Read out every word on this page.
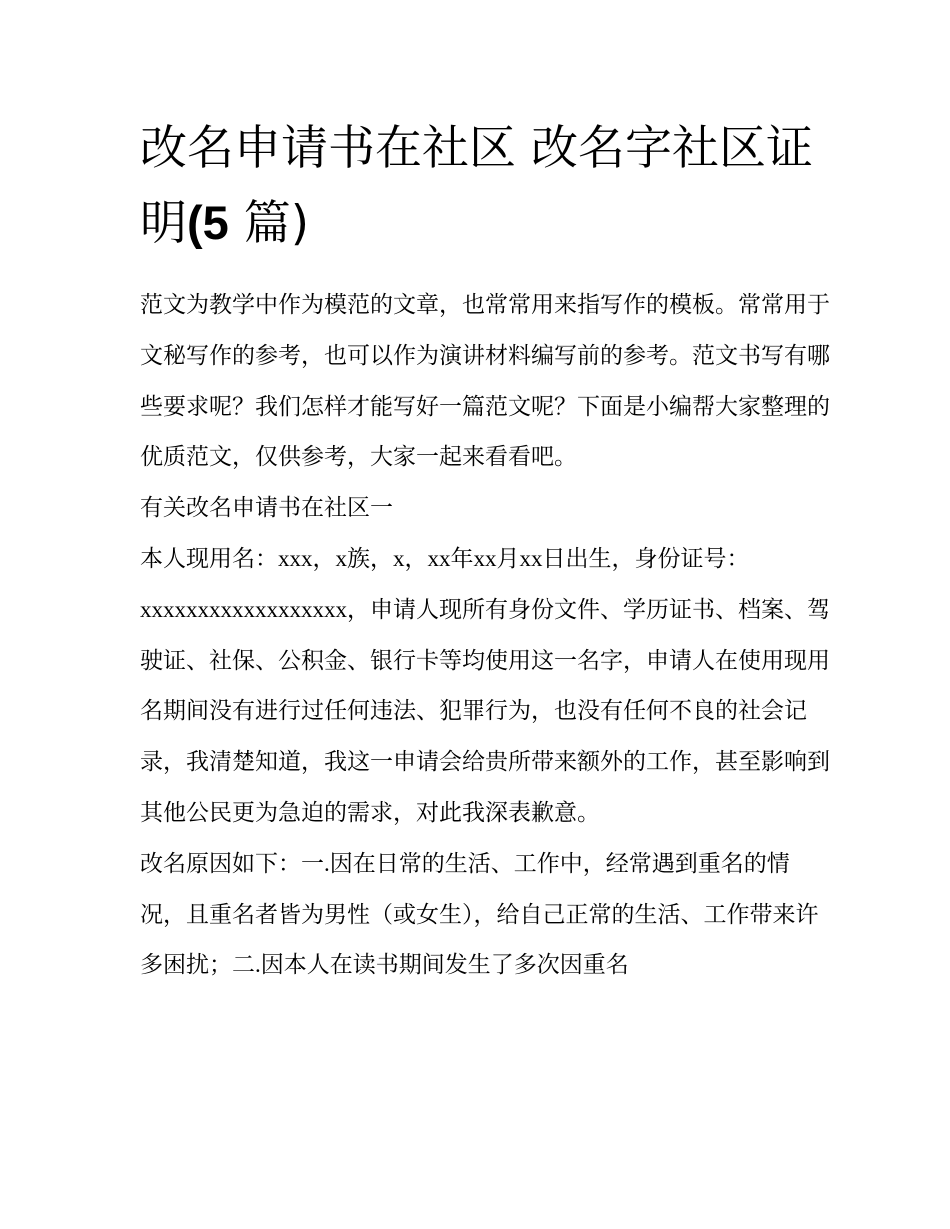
改名申请书在社区 改名字社区证明(5 篇)

范文为教学中作为模范的文章，也常常用来指写作的模板。常常用于文秘写作的参考，也可以作为演讲材料编写前的参考。范文书写有哪些要求呢？我们怎样才能写好一篇范文呢？下面是小编帮大家整理的优质范文，仅供参考，大家一起来看看吧。

有关改名申请书在社区一

本人现用名：xxx，x族，x，xx年xx月xx日出生，身份证号：xxxxxxxxxxxxxxxxxx，申请人现所有身份文件、学历证书、档案、驾驶证、社保、公积金、银行卡等均使用这一名字，申请人在使用现用名期间没有进行过任何违法、犯罪行为，也没有任何不良的社会记录，我清楚知道，我这一申请会给贵所带来额外的工作，甚至影响到其他公民更为急迫的需求，对此我深表歉意。

改名原因如下：一.因在日常的生活、工作中，经常遇到重名的情况，且重名者皆为男性（或女生），给自己正常的生活、工作带来许多困扰；二.因本人在读书期间发生了多次因重名
